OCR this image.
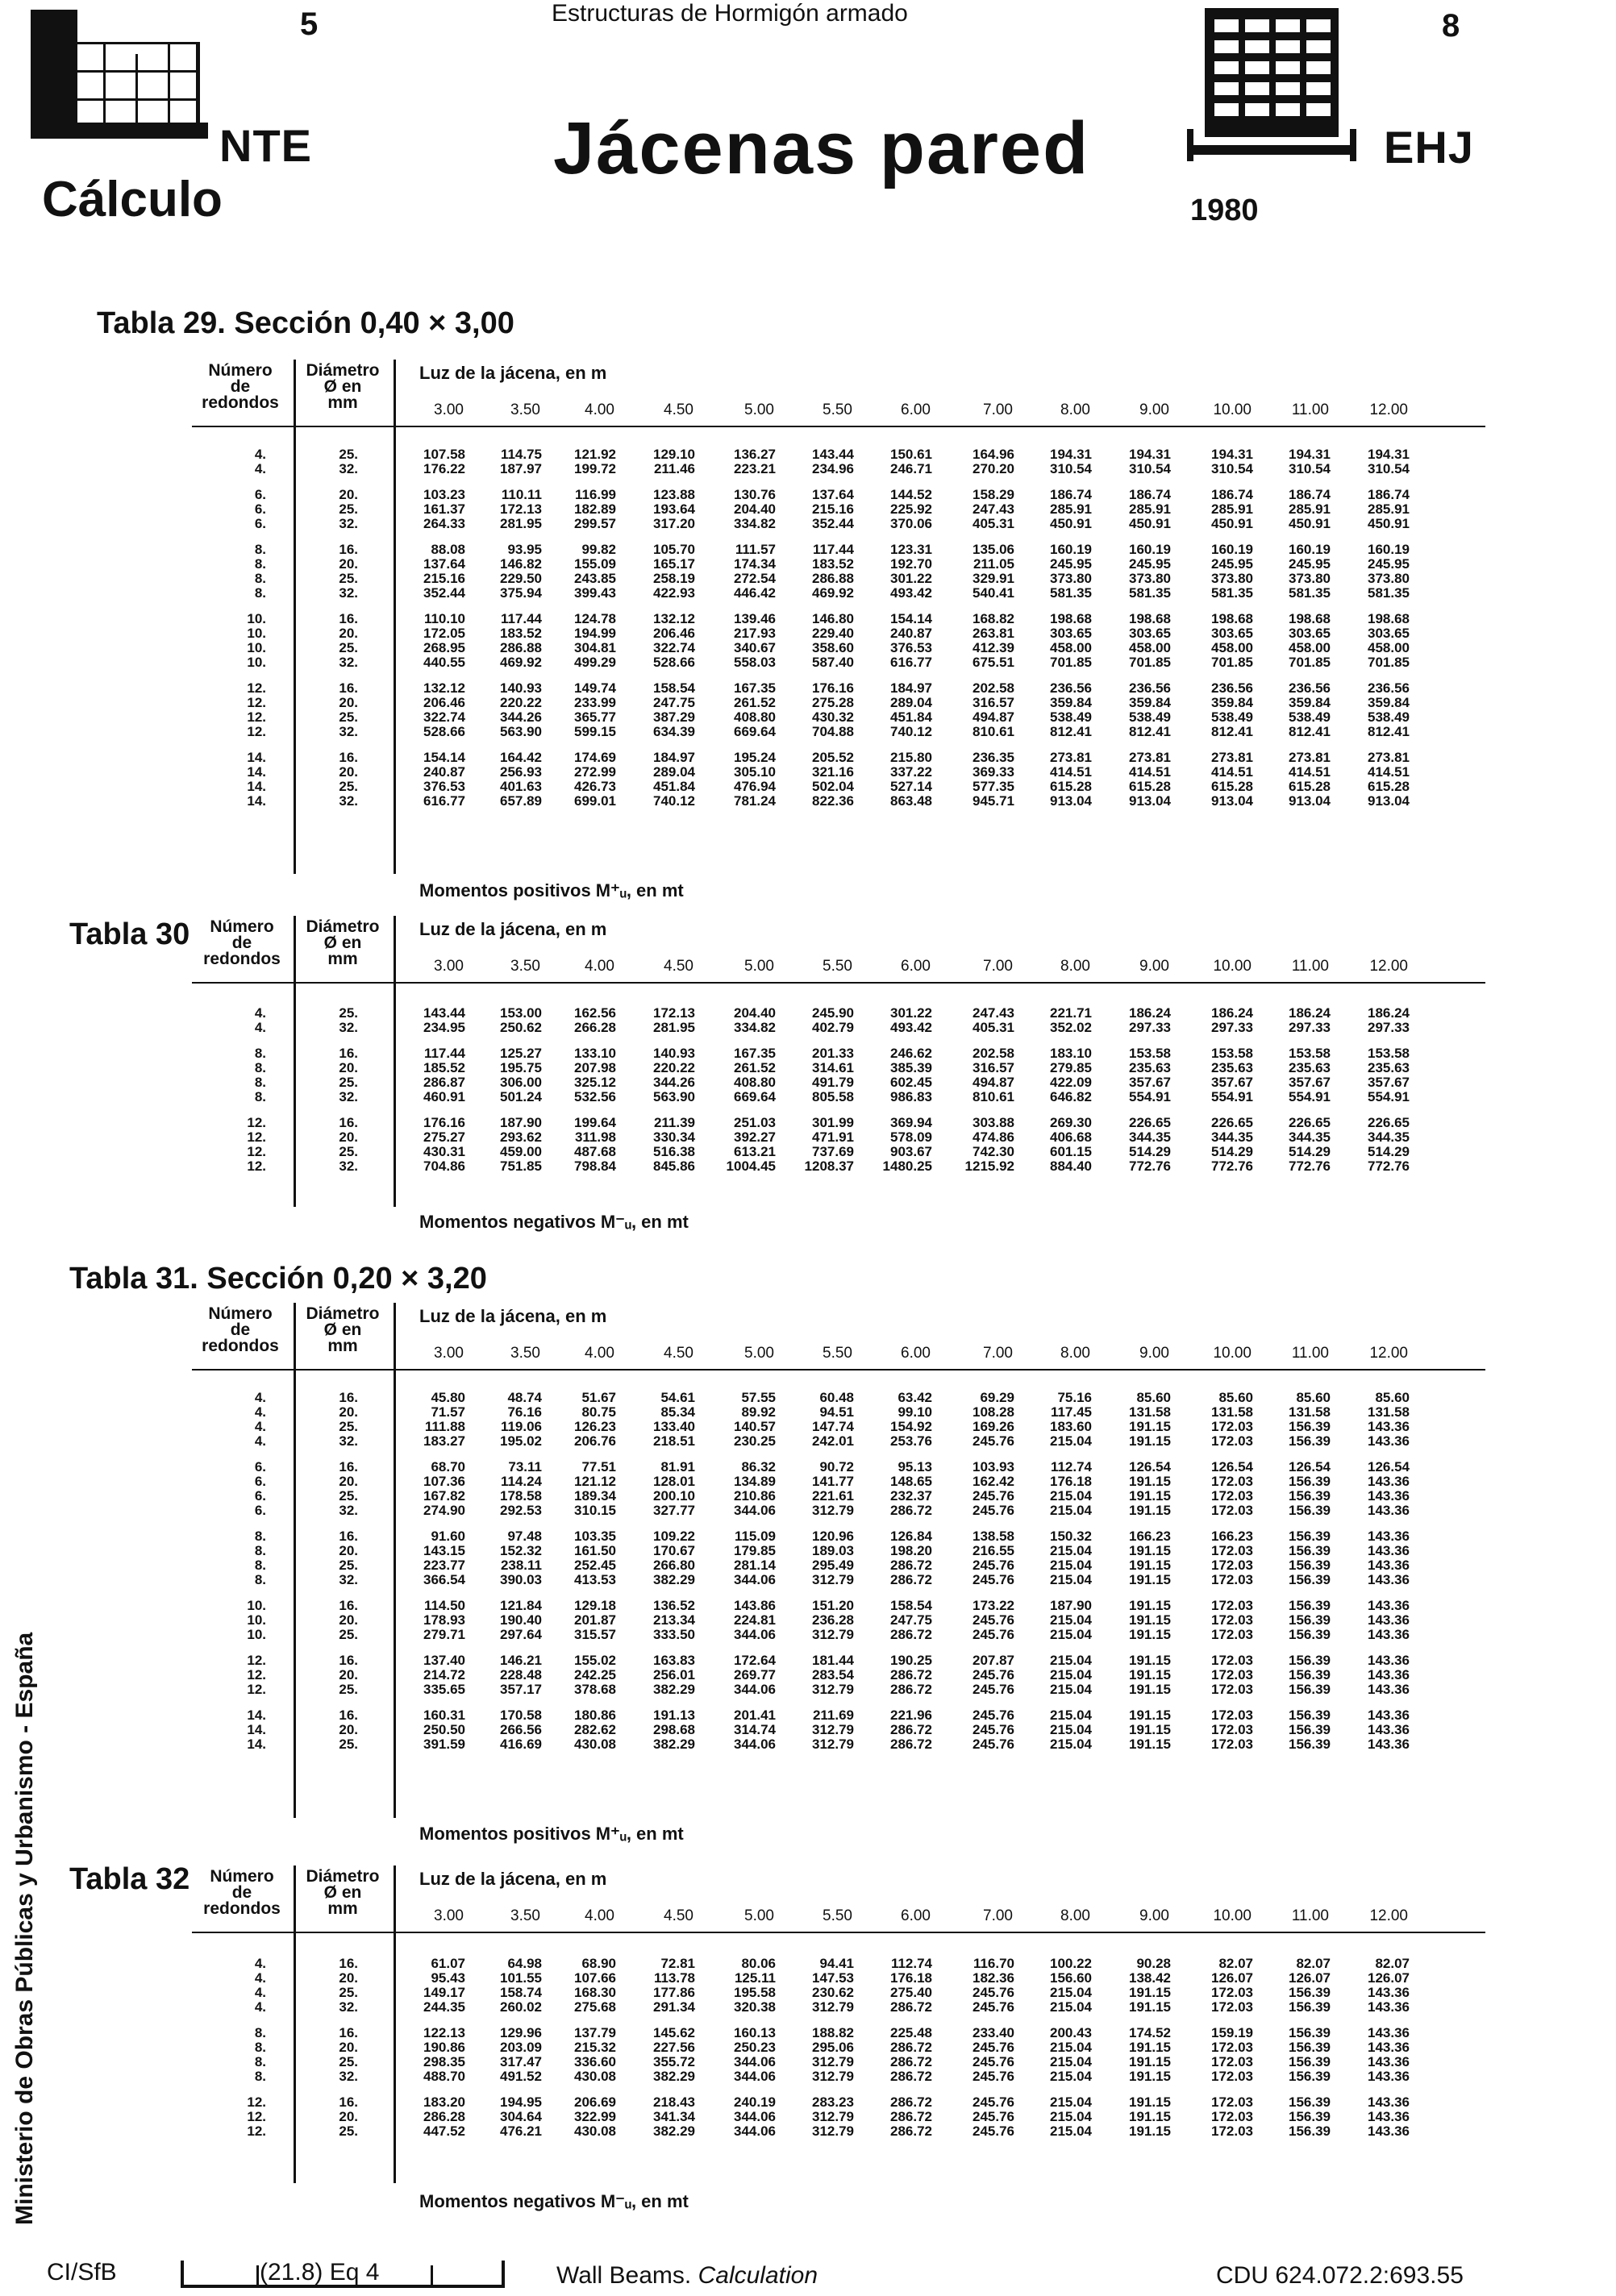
5	Estructuras de Hormigón armado	8
NTE	Jácenas pared	EHJ
Cálculo	1980
Tabla 29. Sección 0,40 × 3,00
Número
de
redondos
Diámetro
Ø en
mm
Luz de la jácena, en m
3.00	3.50	4.00	4.50	5.00	5.50	6.00	7.00	8.00	9.00	10.00	11.00	12.00
4.	25.	107.58	114.75	121.92	129.10	136.27	143.44	150.61	164.96	194.31	194.31	194.31	194.31	194.31
4.	32.	176.22	187.97	199.72	211.46	223.21	234.96	246.71	270.20	310.54	310.54	310.54	310.54	310.54
6.	20.	103.23	110.11	116.99	123.88	130.76	137.64	144.52	158.29	186.74	186.74	186.74	186.74	186.74
6.	25.	161.37	172.13	182.89	193.64	204.40	215.16	225.92	247.43	285.91	285.91	285.91	285.91	285.91
6.	32.	264.33	281.95	299.57	317.20	334.82	352.44	370.06	405.31	450.91	450.91	450.91	450.91	450.91
8.	16.	88.08	93.95	99.82	105.70	111.57	117.44	123.31	135.06	160.19	160.19	160.19	160.19	160.19
8.	20.	137.64	146.82	155.09	165.17	174.34	183.52	192.70	211.05	245.95	245.95	245.95	245.95	245.95
8.	25.	215.16	229.50	243.85	258.19	272.54	286.88	301.22	329.91	373.80	373.80	373.80	373.80	373.80
8.	32.	352.44	375.94	399.43	422.93	446.42	469.92	493.42	540.41	581.35	581.35	581.35	581.35	581.35
10.	16.	110.10	117.44	124.78	132.12	139.46	146.80	154.14	168.82	198.68	198.68	198.68	198.68	198.68
10.	20.	172.05	183.52	194.99	206.46	217.93	229.40	240.87	263.81	303.65	303.65	303.65	303.65	303.65
10.	25.	268.95	286.88	304.81	322.74	340.67	358.60	376.53	412.39	458.00	458.00	458.00	458.00	458.00
10.	32.	440.55	469.92	499.29	528.66	558.03	587.40	616.77	675.51	701.85	701.85	701.85	701.85	701.85
12.	16.	132.12	140.93	149.74	158.54	167.35	176.16	184.97	202.58	236.56	236.56	236.56	236.56	236.56
12.	20.	206.46	220.22	233.99	247.75	261.52	275.28	289.04	316.57	359.84	359.84	359.84	359.84	359.84
12.	25.	322.74	344.26	365.77	387.29	408.80	430.32	451.84	494.87	538.49	538.49	538.49	538.49	538.49
12.	32.	528.66	563.90	599.15	634.39	669.64	704.88	740.12	810.61	812.41	812.41	812.41	812.41	812.41
14.	16.	154.14	164.42	174.69	184.97	195.24	205.52	215.80	236.35	273.81	273.81	273.81	273.81	273.81
14.	20.	240.87	256.93	272.99	289.04	305.10	321.16	337.22	369.33	414.51	414.51	414.51	414.51	414.51
14.	25.	376.53	401.63	426.73	451.84	476.94	502.04	527.14	577.35	615.28	615.28	615.28	615.28	615.28
14.	32.	616.77	657.89	699.01	740.12	781.24	822.36	863.48	945.71	913.04	913.04	913.04	913.04	913.04
Momentos positivos M⁺ᵤ, en mt
Tabla 30	Número
de
redondos
Diámetro
Ø en
mm
Luz de la jácena, en m
3.00	3.50	4.00	4.50	5.00	5.50	6.00	7.00	8.00	9.00	10.00	11.00	12.00
4.	25.	143.44	153.00	162.56	172.13	204.40	245.90	301.22	247.43	221.71	186.24	186.24	186.24	186.24
4.	32.	234.95	250.62	266.28	281.95	334.82	402.79	493.42	405.31	352.02	297.33	297.33	297.33	297.33
8.	16.	117.44	125.27	133.10	140.93	167.35	201.33	246.62	202.58	183.10	153.58	153.58	153.58	153.58
8.	20.	185.52	195.75	207.98	220.22	261.52	314.61	385.39	316.57	279.85	235.63	235.63	235.63	235.63
8.	25.	286.87	306.00	325.12	344.26	408.80	491.79	602.45	494.87	422.09	357.67	357.67	357.67	357.67
8.	32.	460.91	501.24	532.56	563.90	669.64	805.58	986.83	810.61	646.82	554.91	554.91	554.91	554.91
12.	16.	176.16	187.90	199.64	211.39	251.03	301.99	369.94	303.88	269.30	226.65	226.65	226.65	226.65
12.	20.	275.27	293.62	311.98	330.34	392.27	471.91	578.09	474.86	406.68	344.35	344.35	344.35	344.35
12.	25.	430.31	459.00	487.68	516.38	613.21	737.69	903.67	742.30	601.15	514.29	514.29	514.29	514.29
12.	32.	704.86	751.85	798.84	845.86	1004.45	1208.37	1480.25	1215.92	884.40	772.76	772.76	772.76	772.76
Momentos negativos M⁻ᵤ, en mt
Tabla 31. Sección 0,20 × 3,20
Número
de
redondos
Diámetro
Ø en
mm
Luz de la jácena, en m
3.00	3.50	4.00	4.50	5.00	5.50	6.00	7.00	8.00	9.00	10.00	11.00	12.00
4.	16.	45.80	48.74	51.67	54.61	57.55	60.48	63.42	69.29	75.16	85.60	85.60	85.60	85.60
4.	20.	71.57	76.16	80.75	85.34	89.92	94.51	99.10	108.28	117.45	131.58	131.58	131.58	131.58
4.	25.	111.88	119.06	126.23	133.40	140.57	147.74	154.92	169.26	183.60	191.15	172.03	156.39	143.36
4.	32.	183.27	195.02	206.76	218.51	230.25	242.01	253.76	245.76	215.04	191.15	172.03	156.39	143.36
6.	16.	68.70	73.11	77.51	81.91	86.32	90.72	95.13	103.93	112.74	126.54	126.54	126.54	126.54
6.	20.	107.36	114.24	121.12	128.01	134.89	141.77	148.65	162.42	176.18	191.15	172.03	156.39	143.36
6.	25.	167.82	178.58	189.34	200.10	210.86	221.61	232.37	245.76	215.04	191.15	172.03	156.39	143.36
6.	32.	274.90	292.53	310.15	327.77	344.06	312.79	286.72	245.76	215.04	191.15	172.03	156.39	143.36
8.	16.	91.60	97.48	103.35	109.22	115.09	120.96	126.84	138.58	150.32	166.23	166.23	156.39	143.36
8.	20.	143.15	152.32	161.50	170.67	179.85	189.03	198.20	216.55	215.04	191.15	172.03	156.39	143.36
8.	25.	223.77	238.11	252.45	266.80	281.14	295.49	286.72	245.76	215.04	191.15	172.03	156.39	143.36
8.	32.	366.54	390.03	413.53	382.29	344.06	312.79	286.72	245.76	215.04	191.15	172.03	156.39	143.36
10.	16.	114.50	121.84	129.18	136.52	143.86	151.20	158.54	173.22	187.90	191.15	172.03	156.39	143.36
10.	20.	178.93	190.40	201.87	213.34	224.81	236.28	247.75	245.76	215.04	191.15	172.03	156.39	143.36
10.	25.	279.71	297.64	315.57	333.50	344.06	312.79	286.72	245.76	215.04	191.15	172.03	156.39	143.36
12.	16.	137.40	146.21	155.02	163.83	172.64	181.44	190.25	207.87	215.04	191.15	172.03	156.39	143.36
12.	20.	214.72	228.48	242.25	256.01	269.77	283.54	286.72	245.76	215.04	191.15	172.03	156.39	143.36
12.	25.	335.65	357.17	378.68	382.29	344.06	312.79	286.72	245.76	215.04	191.15	172.03	156.39	143.36
14.	16.	160.31	170.58	180.86	191.13	201.41	211.69	221.96	245.76	215.04	191.15	172.03	156.39	143.36
14.	20.	250.50	266.56	282.62	298.68	314.74	312.79	286.72	245.76	215.04	191.15	172.03	156.39	143.36
14.	25.	391.59	416.69	430.08	382.29	344.06	312.79	286.72	245.76	215.04	191.15	172.03	156.39	143.36
Momentos positivos M⁺ᵤ, en mt
Tabla 32	Número
de
redondos
Diámetro
Ø en
mm
Luz de la jácena, en m
3.00	3.50	4.00	4.50	5.00	5.50	6.00	7.00	8.00	9.00	10.00	11.00	12.00
4.	16.	61.07	64.98	68.90	72.81	80.06	94.41	112.74	116.70	100.22	90.28	82.07	82.07	82.07
4.	20.	95.43	101.55	107.66	113.78	125.11	147.53	176.18	182.36	156.60	138.42	126.07	126.07	126.07
4.	25.	149.17	158.74	168.30	177.86	195.58	230.62	275.40	245.76	215.04	191.15	172.03	156.39	143.36
4.	32.	244.35	260.02	275.68	291.34	320.38	312.79	286.72	245.76	215.04	191.15	172.03	156.39	143.36
8.	16.	122.13	129.96	137.79	145.62	160.13	188.82	225.48	233.40	200.43	174.52	159.19	156.39	143.36
8.	20.	190.86	203.09	215.32	227.56	250.23	295.06	286.72	245.76	215.04	191.15	172.03	156.39	143.36
8.	25.	298.35	317.47	336.60	355.72	344.06	312.79	286.72	245.76	215.04	191.15	172.03	156.39	143.36
8.	32.	488.70	491.52	430.08	382.29	344.06	312.79	286.72	245.76	215.04	191.15	172.03	156.39	143.36
12.	16.	183.20	194.95	206.69	218.43	240.19	283.23	286.72	245.76	215.04	191.15	172.03	156.39	143.36
12.	20.	286.28	304.64	322.99	341.34	344.06	312.79	286.72	245.76	215.04	191.15	172.03	156.39	143.36
12.	25.	447.52	476.21	430.08	382.29	344.06	312.79	286.72	245.76	215.04	191.15	172.03	156.39	143.36
Momentos negativos M⁻ᵤ, en mt
Ministerio de Obras Públicas y Urbanismo - España
CI/SfB	(21.8) Eq 4	Wall Beams. Calculation	CDU 624.072.2:693.55
